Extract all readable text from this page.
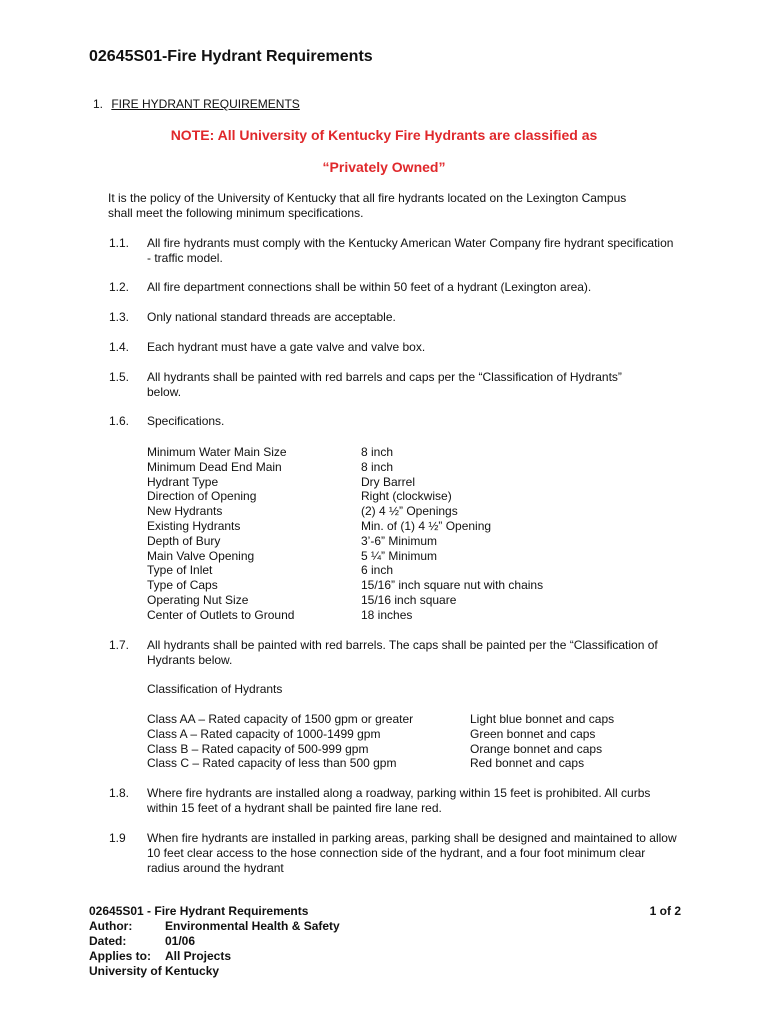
02645S01-Fire Hydrant Requirements
1. FIRE HYDRANT REQUIREMENTS
NOTE: All University of Kentucky Fire Hydrants are classified as
“Privately Owned”
It is the policy of the University of Kentucky that all fire hydrants located on the Lexington Campus shall meet the following minimum specifications.
1.1. All fire hydrants must comply with the Kentucky American Water Company fire hydrant specification - traffic model.
1.2. All fire department connections shall be within 50 feet of a hydrant (Lexington area).
1.3. Only national standard threads are acceptable.
1.4. Each hydrant must have a gate valve and valve box.
1.5. All hydrants shall be painted with red barrels and caps per the “Classification of Hydrants” below.
1.6. Specifications.
Minimum Water Main Size	8 inch
Minimum Dead End Main	8 inch
Hydrant Type	Dry Barrel
Direction of Opening	Right (clockwise)
New Hydrants	(2) 4 ½” Openings
Existing Hydrants	Min. of (1) 4 ½” Opening
Depth of Bury	3’-6” Minimum
Main Valve Opening	5 ¼” Minimum
Type of Inlet	6 inch
Type of Caps	15/16” inch square nut with chains
Operating Nut Size	15/16 inch square
Center of Outlets to Ground	18 inches
1.7. All hydrants shall be painted with red barrels. The caps shall be painted per the “Classification of Hydrants below.
Classification of Hydrants
Class AA – Rated capacity of 1500 gpm or greater	Light blue bonnet and caps
Class A – Rated capacity of 1000-1499 gpm	Green bonnet and caps
Class B – Rated capacity of 500-999 gpm	Orange bonnet and caps
Class C – Rated capacity of less than 500 gpm	Red bonnet and caps
1.8. Where fire hydrants are installed along a roadway, parking within 15 feet is prohibited. All curbs within 15 feet of a hydrant shall be painted fire lane red.
1.9 When fire hydrants are installed in parking areas, parking shall be designed and maintained to allow 10 feet clear access to the hose connection side of the hydrant, and a four foot minimum clear radius around the hydrant
02645S01 - Fire Hydrant Requirements	1 of 2
Author:	Environmental Health & Safety
Dated:	01/06
Applies to: All Projects
University of Kentucky
